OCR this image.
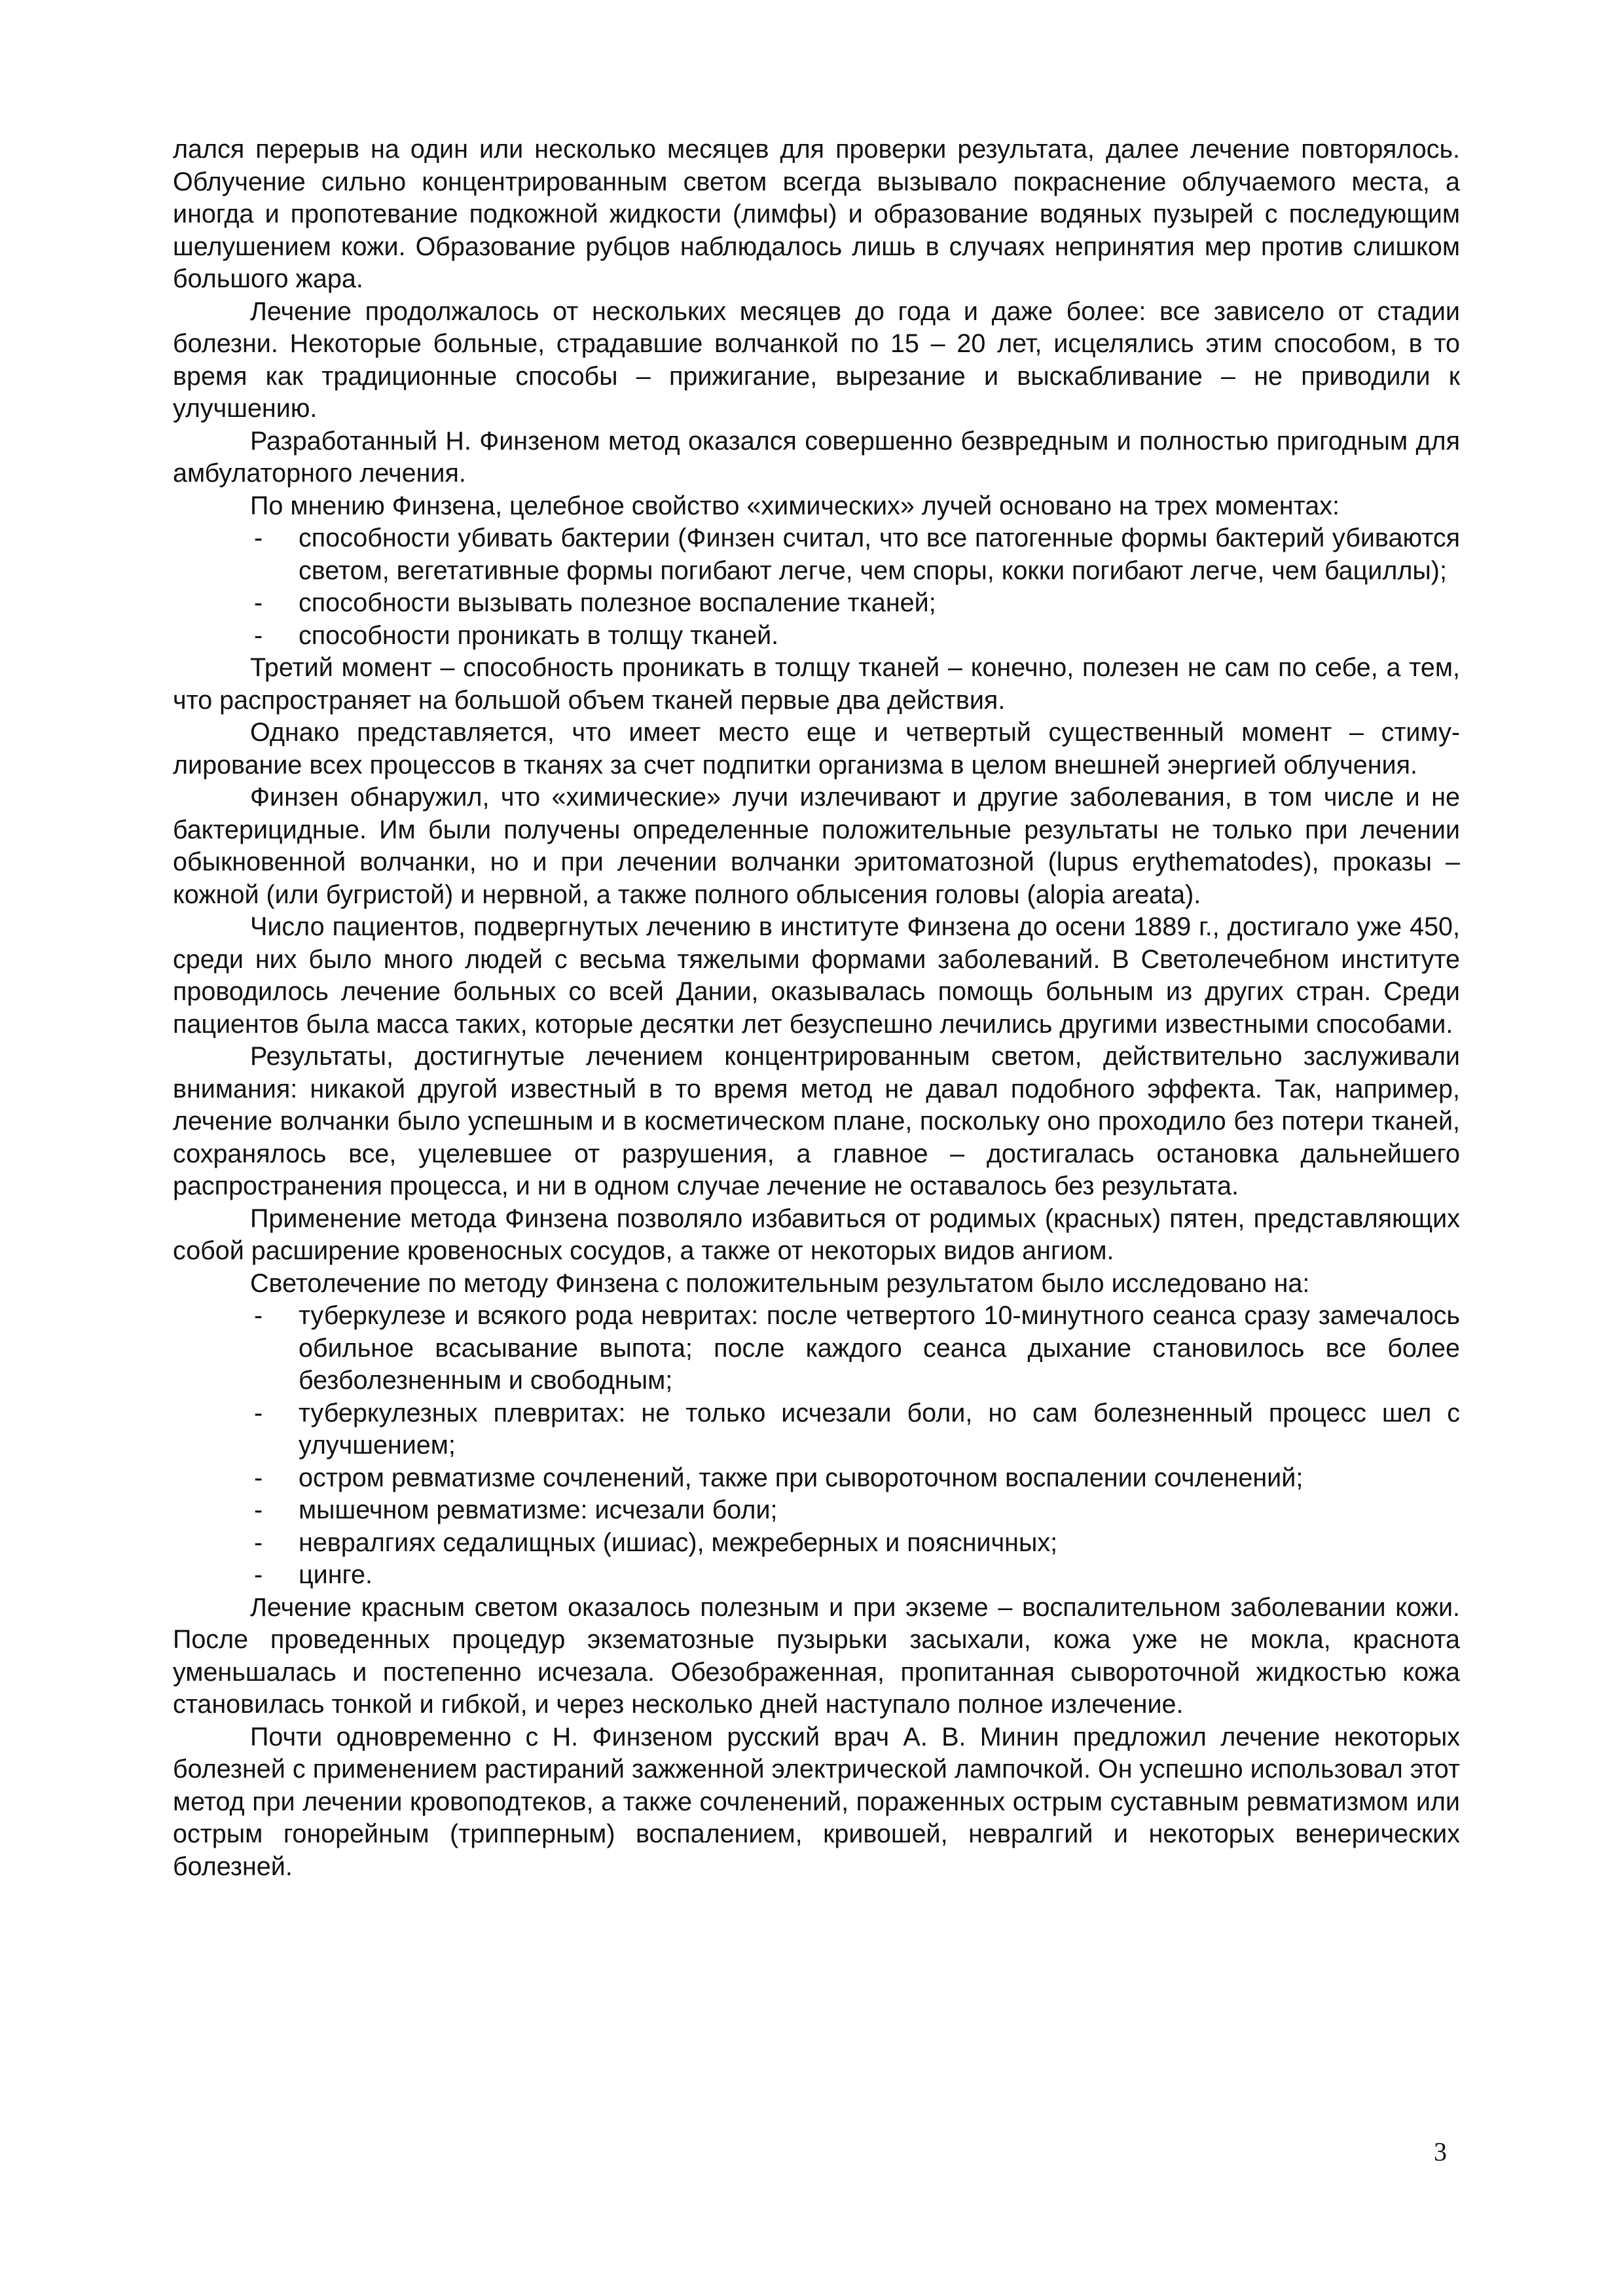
лался перерыв на один или несколько месяцев для проверки результата, далее лечение повторялось. Облучение сильно концентрированным светом всегда вызывало покраснение облучаемого места, а иногда и пропотевание подкожной жидкости (лимфы) и образование водяных пузырей с последующим шелушением кожи. Образование рубцов наблюдалось лишь в случаях непринятия мер против слишком большого жара.

Лечение продолжалось от нескольких месяцев до года и даже более: все зависело от стадии болезни. Некоторые больные, страдавшие волчанкой по 15 – 20 лет, исцелялись этим способом, в то время как традиционные способы – прижигание, вырезание и выскабливание – не приводили к улучшению.

Разработанный Н. Финзеном метод оказался совершенно безвредным и полностью пригодным для амбулаторного лечения.

По мнению Финзена, целебное свойство «химических» лучей основано на трех моментах:

- способности убивать бактерии (Финзен считал, что все патогенные формы бактерий убиваются светом, вегетативные формы погибают легче, чем споры, кокки погибают легче, чем бациллы);
- способности вызывать полезное воспаление тканей;
- способности проникать в толщу тканей.

Третий момент – способность проникать в толщу тканей – конечно, полезен не сам по себе, а тем, что распространяет на большой объем тканей первые два действия.

Однако представляется, что имеет место еще и четвертый существенный момент – стимулирование всех процессов в тканях за счет подпитки организма в целом внешней энергией облучения.

Финзен обнаружил, что «химические» лучи излечивают и другие заболевания, в том числе и не бактерицидные. Им были получены определенные положительные результаты не только при лечении обыкновенной волчанки, но и при лечении волчанки эритоматозной (lupus erythematodes), проказы – кожной (или бугристой) и нервной, а также полного облысения головы (alopia areata).

Число пациентов, подвергнутых лечению в институте Финзена до осени 1889 г., достигало уже 450, среди них было много людей с весьма тяжелыми формами заболеваний. В Светолечебном институте проводилось лечение больных со всей Дании, оказывалась помощь больным из других стран. Среди пациентов была масса таких, которые десятки лет безуспешно лечились другими известными способами.

Результаты, достигнутые лечением концентрированным светом, действительно заслуживали внимания: никакой другой известный в то время метод не давал подобного эффекта. Так, например, лечение волчанки было успешным и в косметическом плане, поскольку оно проходило без потери тканей, сохранялось все, уцелевшее от разрушения, а главное – достигалась остановка дальнейшего распространения процесса, и ни в одном случае лечение не оставалось без результата.

Применение метода Финзена позволяло избавиться от родимых (красных) пятен, представляющих собой расширение кровеносных сосудов, а также от некоторых видов ангиом.

Светолечение по методу Финзена с положительным результатом было исследовано на:

- туберкулезе и всякого рода невритах: после четвертого 10-минутного сеанса сразу замечалось обильное всасывание выпота; после каждого сеанса дыхание становилось все более безболезненным и свободным;
- туберкулезных плевритах: не только исчезали боли, но сам болезненный процесс шел с улучшением;
- остром ревматизме сочленений, также при сывороточном воспалении сочленений;
- мышечном ревматизме: исчезали боли;
- невралгиях седалищных (ишиас), межреберных и поясничных;
- цинге.

Лечение красным светом оказалось полезным и при экземе – воспалительном заболевании кожи. После проведенных процедур экзематозные пузырьки засыхали, кожа уже не мокла, краснота уменьшалась и постепенно исчезала. Обезображенная, пропитанная сывороточной жидкостью кожа становилась тонкой и гибкой, и через несколько дней наступало полное излечение.

Почти одновременно с Н. Финзеном русский врач А. В. Минин предложил лечение некоторых болезней с применением растираний зажженной электрической лампочкой. Он успешно использовал этот метод при лечении кровоподтеков, а также сочленений, пораженных острым суставным ревматизмом или острым гонорейным (трипперным) воспалением, кривошей, невралгий и некоторых венерических болезней.

3
